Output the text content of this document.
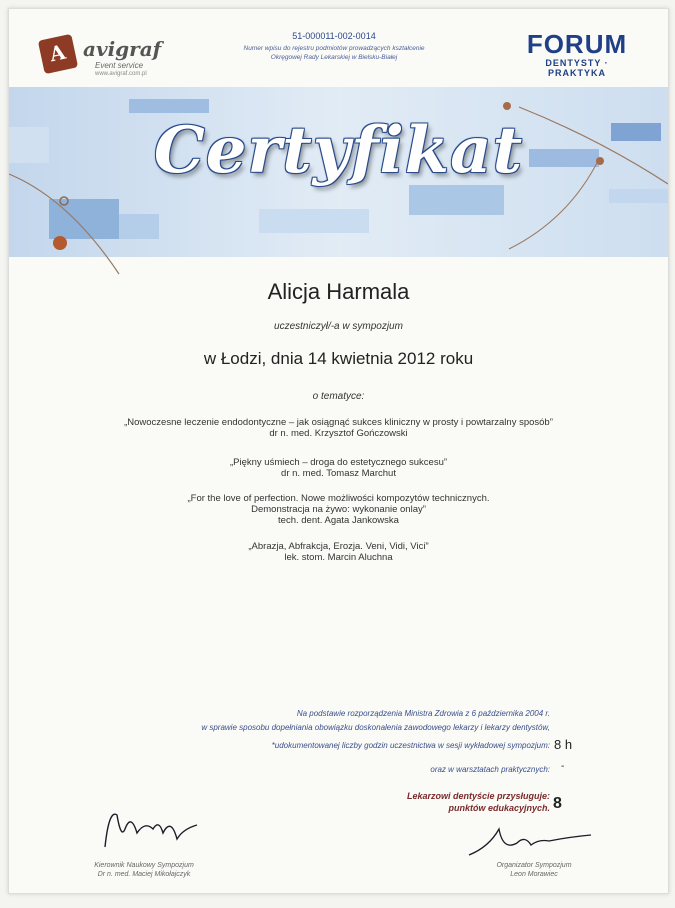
A avigraf
Event service
www.avigraf.com.pl
51-000011-002-0014
Numer wpisu do rejestru podmiotów prowadzących kształcenie
Okręgowej Rady Lekarskiej w Bielsku-Białej	FORUM
DENTYSTY · PRAKTYKA
Certyfikat
Alicja Harmala
uczestniczył/-a w sympozjum
w Łodzi, dnia 14 kwietnia 2012 roku
o tematyce:
„Nowoczesne leczenie endodontyczne – jak osiągnąć sukces kliniczny w prosty i powtarzalny sposób”
dr n. med. Krzysztof Gończowski
„Piękny uśmiech – droga do estetycznego sukcesu”
dr n. med. Tomasz Marchut
„For the love of perfection. Nowe możliwości kompozytów technicznych.
Demonstracja na żywo: wykonanie onlay”
tech. dent. Agata Jankowska
„Abrazja, Abfrakcja, Erozja. Veni, Vidi, Vici”
lek. stom. Marcin Aluchna
Na podstawie rozporządzenia Ministra Zdrowia z 6 października 2004 r.
w sprawie sposobu dopełniania obowiązku doskonalenia zawodowego lekarzy i lekarzy dentystów,
*udokumentowanej liczby godzin uczestnictwa w sesji wykładowej sympozjum: 8 h
oraz w warsztatach praktycznych: -
Lekarzowi dentyście przysługuje:
punktów edukacyjnych. 8
Kierownik Naukowy Sympozjum
Dr n. med. Maciej Mikołajczyk
Organizator Sympozjum
Leon Morawiec
